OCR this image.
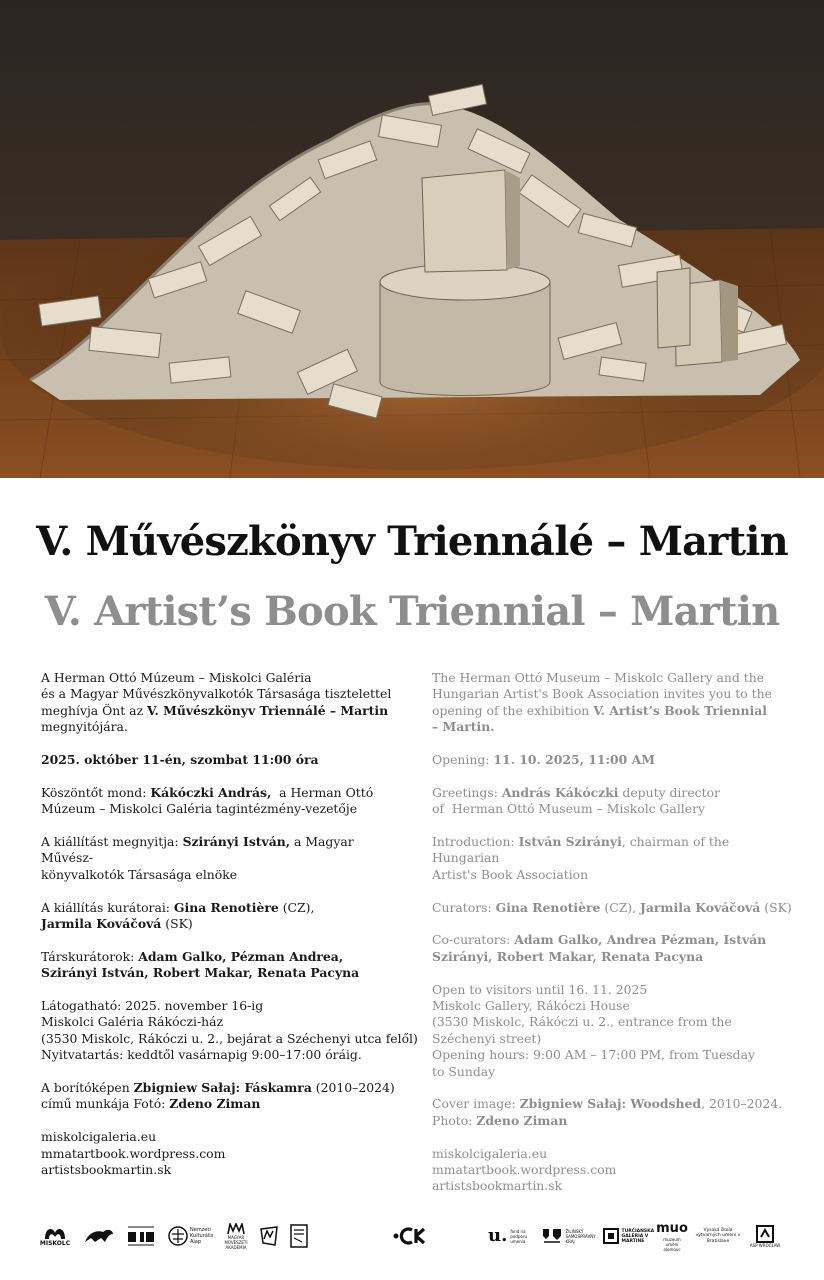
V. Művészkönyv Triennálé – Martin
V. Artist’s Book Triennial – Martin

A Herman Ottó Múzeum – Miskolci Galéria
és a Magyar Művészkönyvalkotók Társasága tisztelettel
meghívja Önt az V. Művészkönyv Triennálé – Martin
megnyitójára.

2025. október 11-én, szombat 11:00 óra

Köszöntőt mond: Kákóczki András,  a Herman Ottó
Múzeum – Miskolci Galéria tagintézmény-vezetője

A kiállítást megnyitja: Szirányi István, a Magyar Művész-
könyvalkotók Társasága elnöke

A kiállítás kurátorai: Gina Renotière (CZ),
Jarmila Kováčová (SK)

Társkurátorok: Adam Galko, Pézman Andrea,
Szirányi István, Robert Makar, Renata Pacyna

Látogatható: 2025. november 16-ig
Miskolci Galéria Rákóczi-ház
(3530 Miskolc, Rákóczi u. 2., bejárat a Széchenyi utca felől)
Nyitvatartás: keddtől vasárnapig 9:00–17:00 óráig.

A borítóképen Zbigniew Sałaj: Fáskamra (2010–2024)
című munkája Fotó: Zdeno Ziman

miskolcigaleria.eu
mmatartbook.wordpress.com
artistsbookmartin.sk

The Herman Ottó Museum – Miskolc Gallery and the
Hungarian Artist's Book Association invites you to the
opening of the exhibition V. Artist’s Book Triennial
– Martin.

Opening: 11. 10. 2025, 11:00 AM

Greetings: András Kákóczki deputy director
of  Herman Ottó Museum – Miskolc Gallery

Introduction: István Szirányi, chairman of the Hungarian
Artist's Book Association

Curators: Gina Renotière (CZ), Jarmila Kováčová (SK)

Co-curators: Adam Galko, Andrea Pézman, István
Szirányi, Robert Makar, Renata Pacyna

Open to visitors until 16. 11. 2025
Miskolc Gallery, Rákóczi House
(3530 Miskolc, Rákóczi u. 2., entrance from the
Széchenyi street)
Opening hours: 9:00 AM – 17:00 PM, from Tuesday
to Sunday

Cover image: Zbigniew Sałaj: Woodshed, 2010–2024.
Photo: Zdeno Ziman

miskolcigaleria.eu
mmatartbook.wordpress.com
artistsbookmartin.sk

MISKOLC
Nemzeti Kulturális Alap
MAGYAR MŰVÉSZETI AKADÉMIA
u. fond na podporu umenia
ŽILINSKÝ SAMOSPRÁVNY KRAJ
TURČIANSKA GALÉRIA V MARTINE
muo
muzeum umění olomouc
Vysoká škola výtvarných umení v Bratislave
ASP WROCŁAW
